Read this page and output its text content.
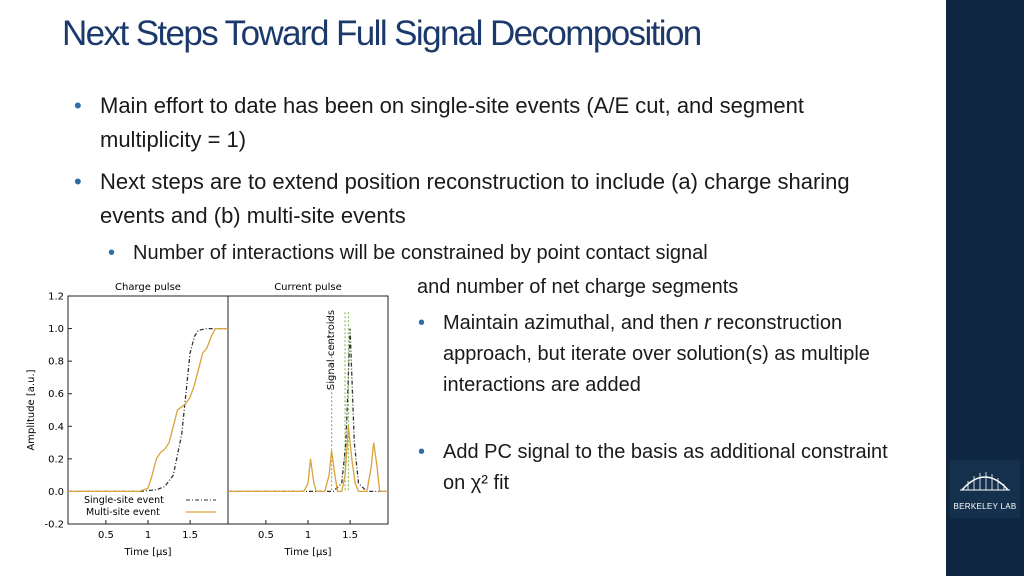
BERKELEY LAB
Next Steps Toward Full Signal Decomposition
• Main effort to date has been on single-site events (A/E cut, and segment multiplicity = 1)
• Next steps are to extend position reconstruction to include (a) charge sharing events and (b) multi-site events
• Number of interactions will be constrained by point contact signal
and number of net charge segments
• Maintain azimuthal, and then r reconstruction approach, but iterate over solution(s) as multiple interactions are added
• Add PC signal to the basis as additional constraint on χ² fit
Charge pulse	Current pulse
Time [µs]	Time [µs]
Amplitude [a.u.]
Signal centroids
-0.2
0.0
0.2
0.4
0.6
0.8
1.0
1.2
0.5	1	1.5	0.5	1	1.5
Single-site event
Multi-site event
